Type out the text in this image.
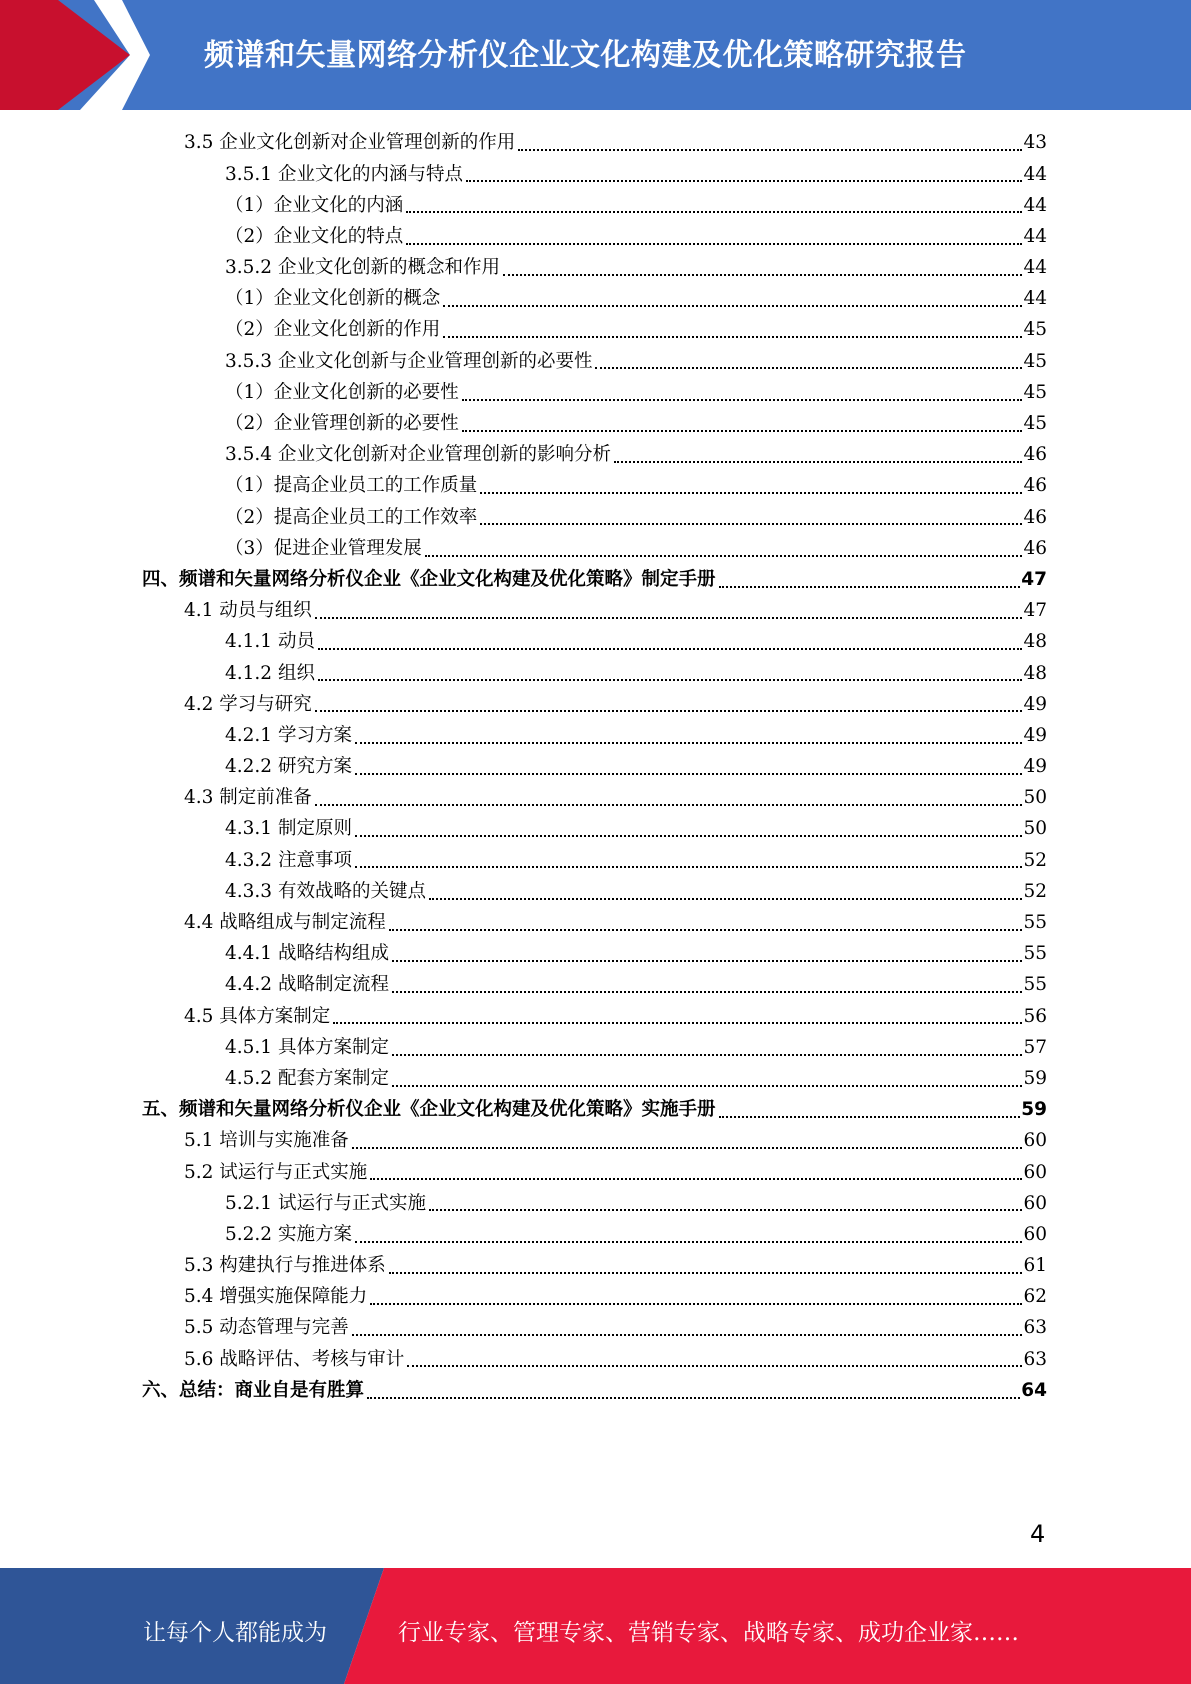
频谱和矢量网络分析仪企业文化构建及优化策略研究报告
3.5 企业文化创新对企业管理创新的作用	43
3.5.1 企业文化的内涵与特点	44
（1）企业文化的内涵	44
（2）企业文化的特点	44
3.5.2 企业文化创新的概念和作用	44
（1）企业文化创新的概念	44
（2）企业文化创新的作用	45
3.5.3 企业文化创新与企业管理创新的必要性	45
（1）企业文化创新的必要性	45
（2）企业管理创新的必要性	45
3.5.4 企业文化创新对企业管理创新的影响分析	46
（1）提高企业员工的工作质量	46
（2）提高企业员工的工作效率	46
（3）促进企业管理发展	46
四、频谱和矢量网络分析仪企业《企业文化构建及优化策略》制定手册	47
4.1 动员与组织	47
4.1.1 动员	48
4.1.2 组织	48
4.2 学习与研究	49
4.2.1 学习方案	49
4.2.2 研究方案	49
4.3 制定前准备	50
4.3.1 制定原则	50
4.3.2 注意事项	52
4.3.3 有效战略的关键点	52
4.4 战略组成与制定流程	55
4.4.1 战略结构组成	55
4.4.2 战略制定流程	55
4.5 具体方案制定	56
4.5.1 具体方案制定	57
4.5.2 配套方案制定	59
五、频谱和矢量网络分析仪企业《企业文化构建及优化策略》实施手册	59
5.1 培训与实施准备	60
5.2 试运行与正式实施	60
5.2.1 试运行与正式实施	60
5.2.2 实施方案	60
5.3 构建执行与推进体系	61
5.4 增强实施保障能力	62
5.5 动态管理与完善	63
5.6 战略评估、考核与审计	63
六、总结：商业自是有胜算	64
4
让每个人都能成为	行业专家、管理专家、营销专家、战略专家、成功企业家……
